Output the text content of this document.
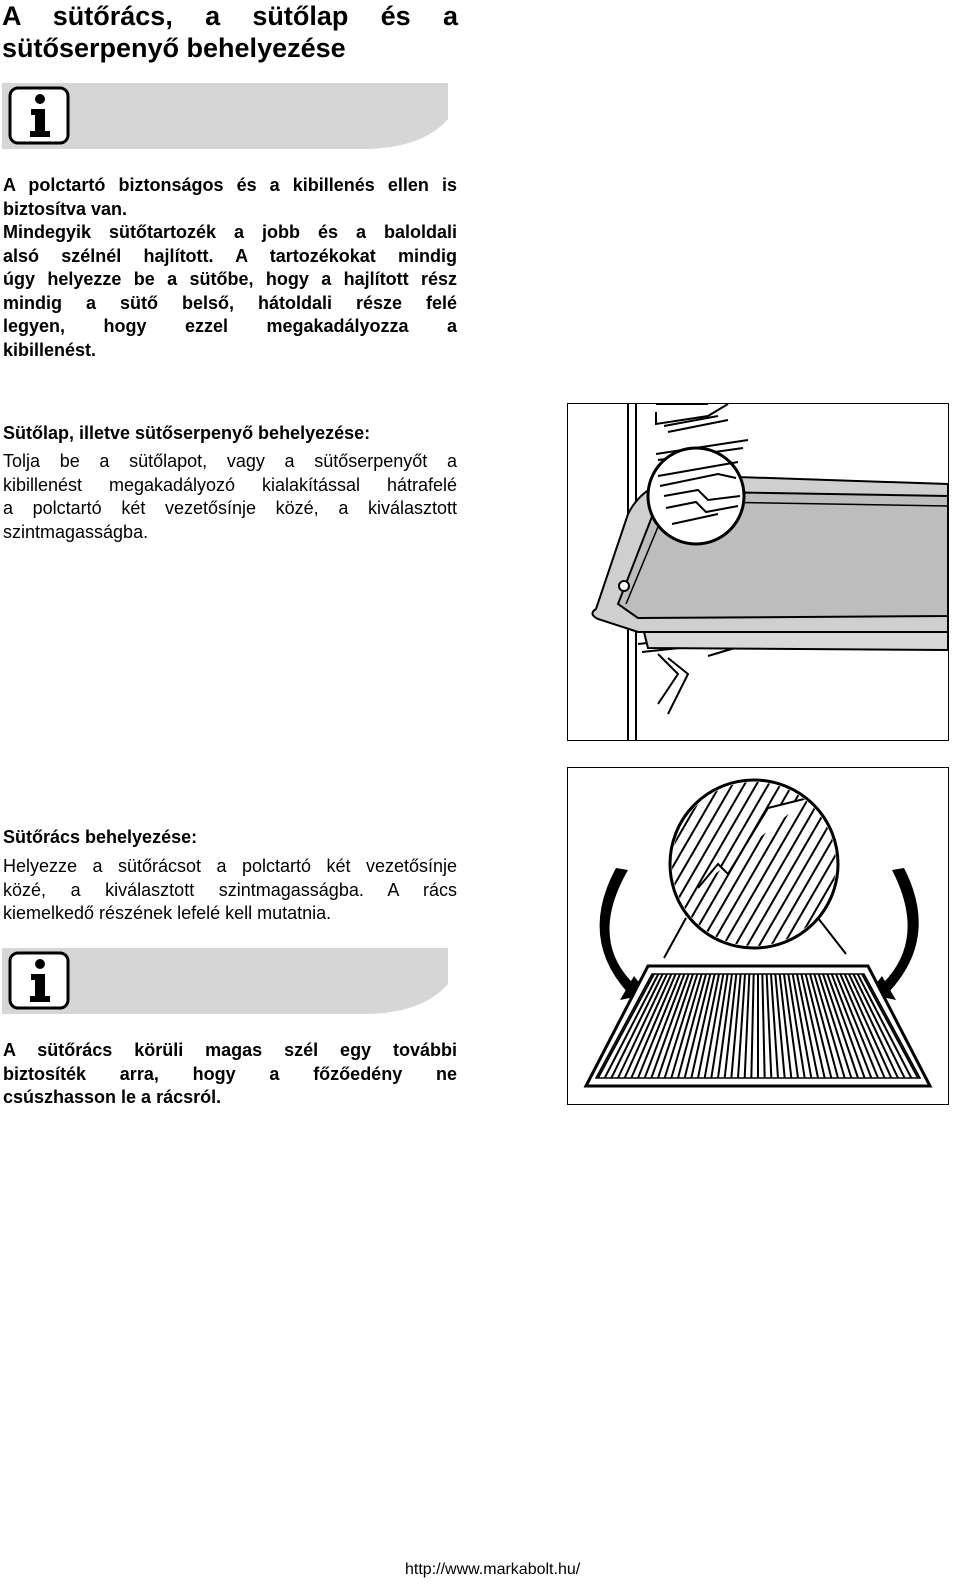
A sütőrács, a sütőlap és a
sütőserpenyő behelyezése
A polctartó biztonságos és a kibillenés ellen is
biztosítva van.
Mindegyik sütőtartozék a jobb és a baloldali
alsó szélnél hajlított. A tartozékokat mindig
úgy helyezze be a sütőbe, hogy a hajlított rész
mindig a sütő belső, hátoldali része felé
legyen, hogy ezzel megakadályozza a
kibillenést.
Sütőlap, illetve sütőserpenyő behelyezése:
Tolja be a sütőlapot, vagy a sütőserpenyőt a
kibillenést megakadályozó kialakítással hátrafelé
a polctartó két vezetősínje közé, a kiválasztott
szintmagasságba.
Sütőrács behelyezése:
Helyezze a sütőrácsot a polctartó két vezetősínje
közé, a kiválasztott szintmagasságba. A rács
kiemelkedő részének lefelé kell mutatnia.
A sütőrács körüli magas szél egy további
biztosíték arra, hogy a főzőedény ne
csúszhasson le a rácsról.
http://www.markabolt.hu/
